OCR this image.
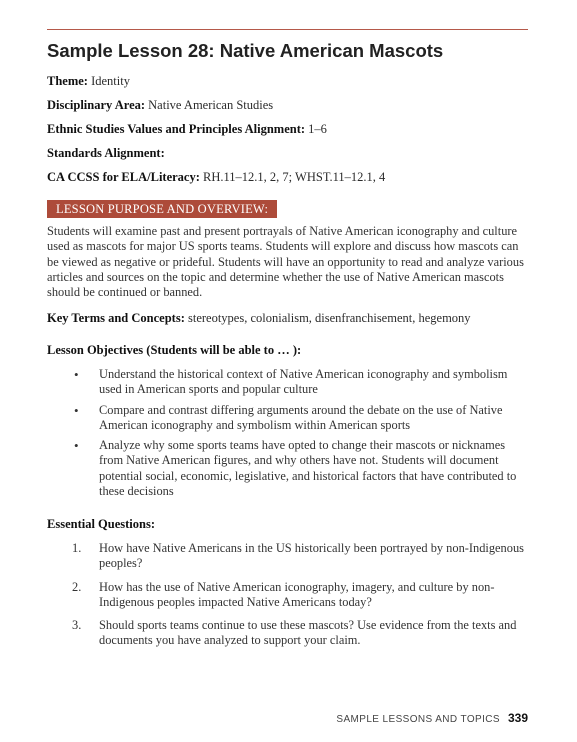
Sample Lesson 28: Native American Mascots

Theme: Identity

Disciplinary Area: Native American Studies

Ethnic Studies Values and Principles Alignment: 1–6

Standards Alignment:

CA CCSS for ELA/Literacy: RH.11–12.1, 2, 7; WHST.11–12.1, 4

LESSON PURPOSE AND OVERVIEW:

Students will examine past and present portrayals of Native American iconography and culture used as mascots for major US sports teams. Students will explore and discuss how mascots can be viewed as negative or prideful. Students will have an opportunity to read and analyze various articles and sources on the topic and determine whether the use of Native American mascots should be continued or banned.

Key Terms and Concepts: stereotypes, colonialism, disenfranchisement, hegemony

Lesson Objectives (Students will be able to … ):

• Understand the historical context of Native American iconography and symbolism used in American sports and popular culture
• Compare and contrast differing arguments around the debate on the use of Native American iconography and symbolism within American sports
• Analyze why some sports teams have opted to change their mascots or nicknames from Native American figures, and why others have not. Students will document potential social, economic, legislative, and historical factors that have contributed to these decisions

Essential Questions:

1. How have Native Americans in the US historically been portrayed by non-Indigenous peoples?
2. How has the use of Native American iconography, imagery, and culture by non-Indigenous peoples impacted Native Americans today?
3. Should sports teams continue to use these mascots? Use evidence from the texts and documents you have analyzed to support your claim.
SAMPLE LESSONS AND TOPICS 339
